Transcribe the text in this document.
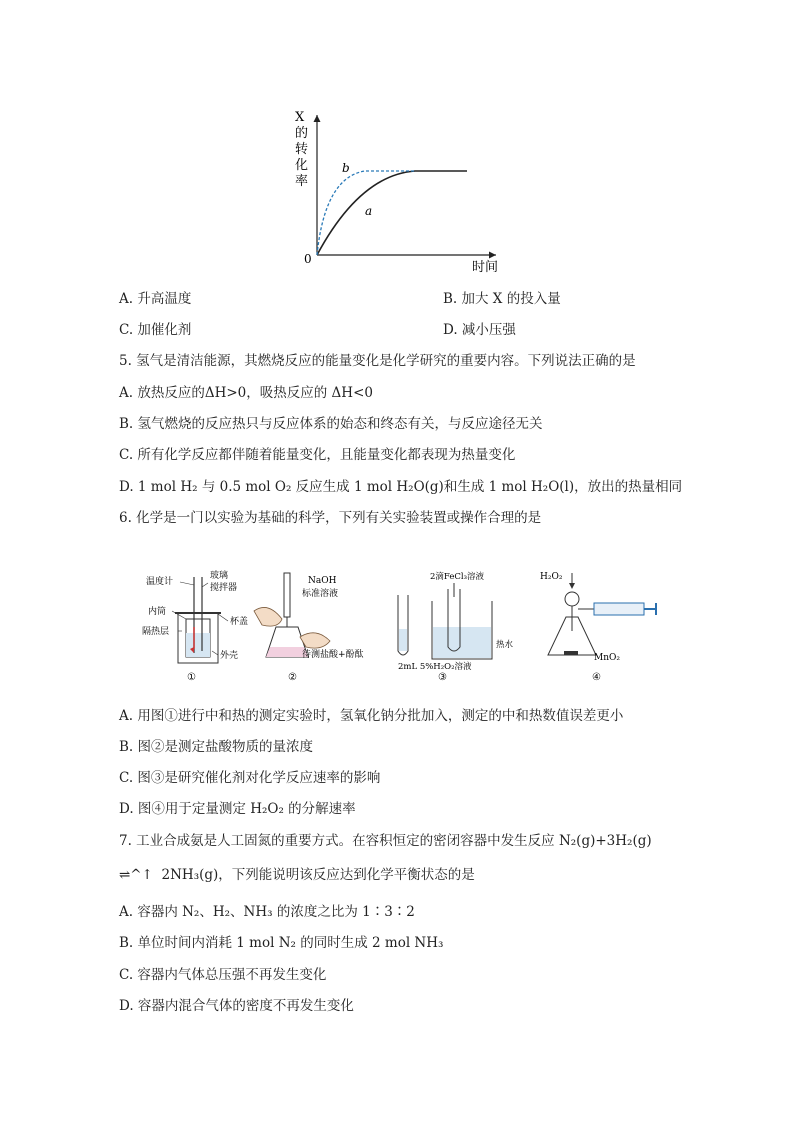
X
的
转
化
率
0
时间
a
b
A. 升高温度	B. 加大 X 的投入量
C. 加催化剂	D. 减小压强
5. 氢气是清洁能源，其燃烧反应的能量变化是化学研究的重要内容。下列说法正确的是
A. 放热反应的ΔH>0，吸热反应的 ΔH<0
B. 氢气燃烧的反应热只与反应体系的始态和终态有关，与反应途径无关
C. 所有化学反应都伴随着能量变化，且能量变化都表现为热量变化
D. 1 mol H₂ 与 0.5 mol O₂ 反应生成 1 mol H₂O(g)和生成 1 mol H₂O(l)，放出的热量相同
6. 化学是一门以实验为基础的科学，下列有关实验装置或操作合理的是
温度计
玻璃
搅拌器
内筒
杯盖
隔热层
外壳
①
NaOH
标准溶液
待测盐酸+酚酞
②
2滴FeCl₃溶液
热水
2mL 5%H₂O₂溶液
③
H₂O₂
MnO₂
④
A. 用图①进行中和热的测定实验时，氢氧化钠分批加入，测定的中和热数值误差更小
B. 图②是测定盐酸物质的量浓度
C. 图③是研究催化剂对化学反应速率的影响
D. 图④用于定量测定 H₂O₂ 的分解速率
7. 工业合成氨是人工固氮的重要方式。在容积恒定的密闭容器中发生反应 N₂(g)+3H₂(g)
⇌^↑ 2NH₃(g)，下列能说明该反应达到化学平衡状态的是
A. 容器内 N₂、H₂、NH₃ 的浓度之比为 1∶3∶2
B. 单位时间内消耗 1 mol N₂ 的同时生成 2 mol NH₃
C. 容器内气体总压强不再发生变化
D. 容器内混合气体的密度不再发生变化
